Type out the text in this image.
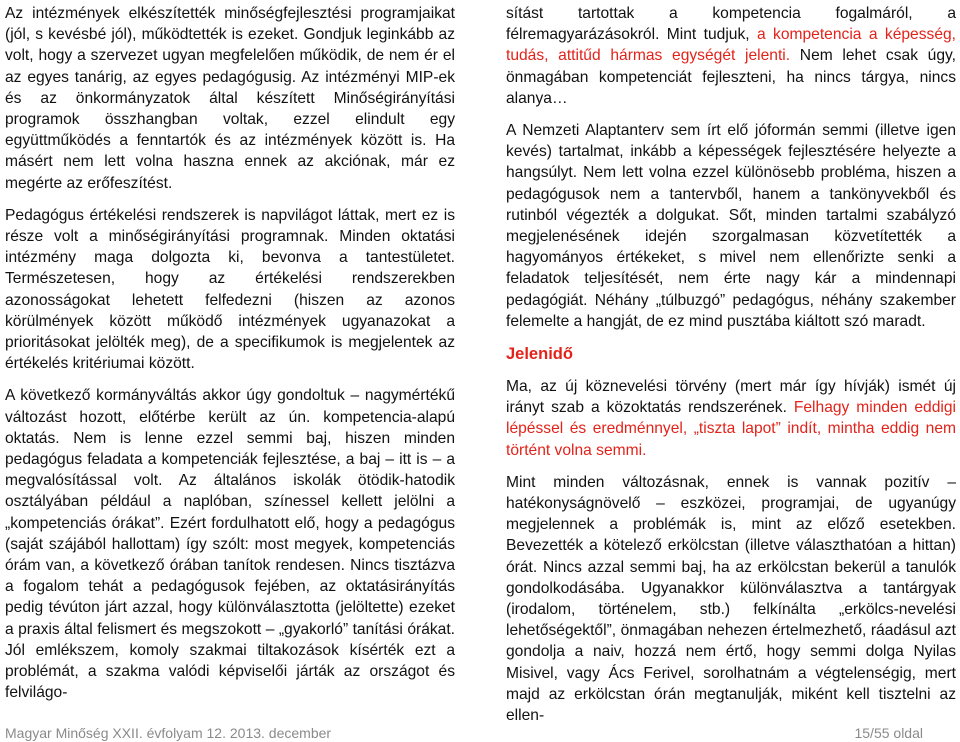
Az intézmények elkészítették minőségfejlesztési programjaikat (jól, s kevésbé jól), működtették is ezeket. Gondjuk leginkább az volt, hogy a szervezet ugyan megfelelően működik, de nem ér el az egyes tanárig, az egyes pedagógusig. Az intézményi MIP-ek és az önkormányzatok által készített Minőségirányítási programok összhangban voltak, ezzel elindult egy együttműködés a fenntartók és az intézmények között is. Ha másért nem lett volna haszna ennek az akciónak, már ez megérte az erőfeszítést.

Pedagógus értékelési rendszerek is napvilágot láttak, mert ez is része volt a minőségirányítási programnak. Minden oktatási intézmény maga dolgozta ki, bevonva a tantestületet. Természetesen, hogy az értékelési rendszerekben azonosságokat lehetett felfedezni (hiszen az azonos körülmények között működő intézmények ugyanazokat a prioritásokat jelölték meg), de a specifikumok is megjelentek az értékelés kritériumai között.

A következő kormányváltás akkor úgy gondoltuk – nagymértékű változást hozott, előtérbe került az ún. kompetencia-alapú oktatás. Nem is lenne ezzel semmi baj, hiszen minden pedagógus feladata a kompetenciák fejlesztése, a baj – itt is – a megvalósítással volt. Az általános iskolák ötödik-hatodik osztályában például a naplóban, színessel kellett jelölni a „kompetenciás órákat”. Ezért fordulhatott elő, hogy a pedagógus (saját szájából hallottam) így szólt: most megyek, kompetenciás órám van, a következő órában tanítok rendesen. Nincs tisztázva a fogalom tehát a pedagógusok fejében, az oktatásirányítás pedig tévúton járt azzal, hogy különválasztotta (jelöltette) ezeket a praxis által felismert és megszokott – „gyakorló” tanítási órákat. Jól emlékszem, komoly szakmai tiltakozások kísérték ezt a problémát, a szakma valódi képviselői járták az országot és felvilágo-

sítást tartottak a kompetencia fogalmáról, a félremagyarázásokról. Mint tudjuk, a kompetencia a képesség, tudás, attitűd hármas egységét jelenti. Nem lehet csak úgy, önmagában kompetenciát fejleszteni, ha nincs tárgya, nincs alanya…

A Nemzeti Alaptanterv sem írt elő jóformán semmi (illetve igen kevés) tartalmat, inkább a képességek fejlesztésére helyezte a hangsúlyt. Nem lett volna ezzel különösebb probléma, hiszen a pedagógusok nem a tantervből, hanem a tankönyvekből és rutinból végezték a dolgukat. Sőt, minden tartalmi szabályzó megjelenésének idején szorgalmasan közvetítették a hagyományos értékeket, s mivel nem ellenőrizte senki a feladatok teljesítését, nem érte nagy kár a mindennapi pedagógiát. Néhány „túlbuzgó” pedagógus, néhány szakember felemelte a hangját, de ez mind pusztába kiáltott szó maradt.

Jelenidő

Ma, az új köznevelési törvény (mert már így hívják) ismét új irányt szab a közoktatás rendszerének. Felhagy minden eddigi lépéssel és eredménnyel, „tiszta lapot” indít, mintha eddig nem történt volna semmi.

Mint minden változásnak, ennek is vannak pozitív – hatékonyságnövelő – eszközei, programjai, de ugyanúgy megjelennek a problémák is, mint az előző esetekben. Bevezették a kötelező erkölcstan (illetve választhatóan a hittan) órát. Nincs azzal semmi baj, ha az erkölcstan bekerül a tanulók gondolkodásába. Ugyanakkor különválasztva a tantárgyak (irodalom, történelem, stb.) felkínálta „erkölcs-nevelési lehetőségektől”, önmagában nehezen értelmezhető, ráadásul azt gondolja a naiv, hozzá nem értő, hogy semmi dolga Nyilas Misivel, vagy Ács Ferivel, sorolhatnám a végtelenségig, mert majd az erkölcstan órán megtanulják, miként kell tisztelni az ellen-

Magyar Minőség XXII. évfolyam 12. 2013. december	15/55 oldal
